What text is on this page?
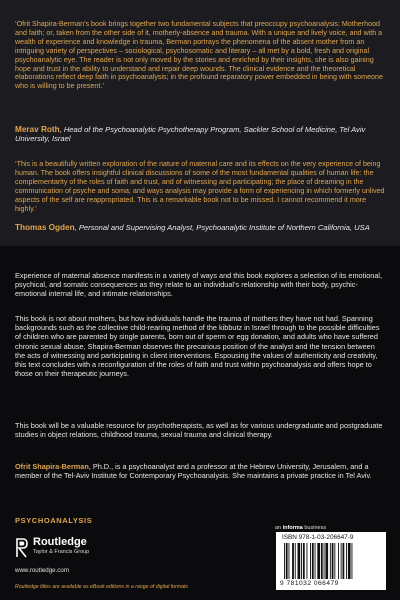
‘Ofrit Shapira-Berman’s book brings together two fundamental subjects that preoccupy psychoanalysis: Motherhood and faith; or, taken from the other side of it, motherly-absence and trauma. With a unique and lively voice, and with a wealth of experience and knowledge in trauma, Berman portrays the phenomena of the absent mother from an intriguing variety of perspectives – sociological, psychosomatic and literary – all met by a bold, fresh and original psychoanalytic eye. The reader is not only moved by the stories and enriched by their insights, she is also gaining hope and trust in the ability to understand and repair deep wounds. The clinical evidence and the theoretical elaborations reflect deep faith in psychoanalysis; in the profound reparatory power embedded in being with someone who is willing to be present.’
Merav Roth, Head of the Psychoanalytic Psychotherapy Program, Sackler School of Medicine, Tel Aviv University, Israel
‘This is a beautifully written exploration of the nature of maternal care and its effects on the very experience of being human. The book offers insightful clinical discussions of some of the most fundamental qualities of human life: the complementarity of the roles of faith and trust, and of witnessing and participating; the place of dreaming in the communication of psyche and soma; and ways analysis may provide a form of experiencing in which formerly unlived aspects of the self are reappropriated. This is a remarkable book not to be missed. I cannot recommend it more highly.’
Thomas Ogden, Personal and Supervising Analyst, Psychoanalytic Institute of Northern California, USA
Experience of maternal absence manifests in a variety of ways and this book explores a selection of its emotional, psychical, and somatic consequences as they relate to an individual’s relationship with their body, psychic-emotional internal life, and intimate relationships.
This book is not about mothers, but how individuals handle the trauma of mothers they have not had. Spanning backgrounds such as the collective child-rearing method of the kibbutz in Israel through to the possible difficulties of children who are parented by single parents, born out of sperm or egg donation, and adults who have suffered chronic sexual abuse, Shapira-Berman observes the precarious position of the analyst and the tension between the acts of witnessing and participating in client interventions. Espousing the values of authenticity and creativity, this text concludes with a reconfiguration of the roles of faith and trust within psychoanalysis and offers hope to those on their therapeutic journeys.
This book will be a valuable resource for psychotherapists, as well as for various undergraduate and postgraduate studies in object relations, childhood trauma, sexual trauma and clinical therapy.
Ofrit Shapira-Berman, Ph.D., is a psychoanalyst and a professor at the Hebrew University, Jerusalem, and a member of the Tel-Aviv Institute for Contemporary Psychoanalysis. She maintains a private practice in Tel Aviv.
PSYCHOANALYSIS
Routledge
Taylor & Francis Group
www.routledge.com
Routledge titles are available as eBook editions in a range of digital formats
an informa business
ISBN 978-1-03-206647-9
9 781032 066479
